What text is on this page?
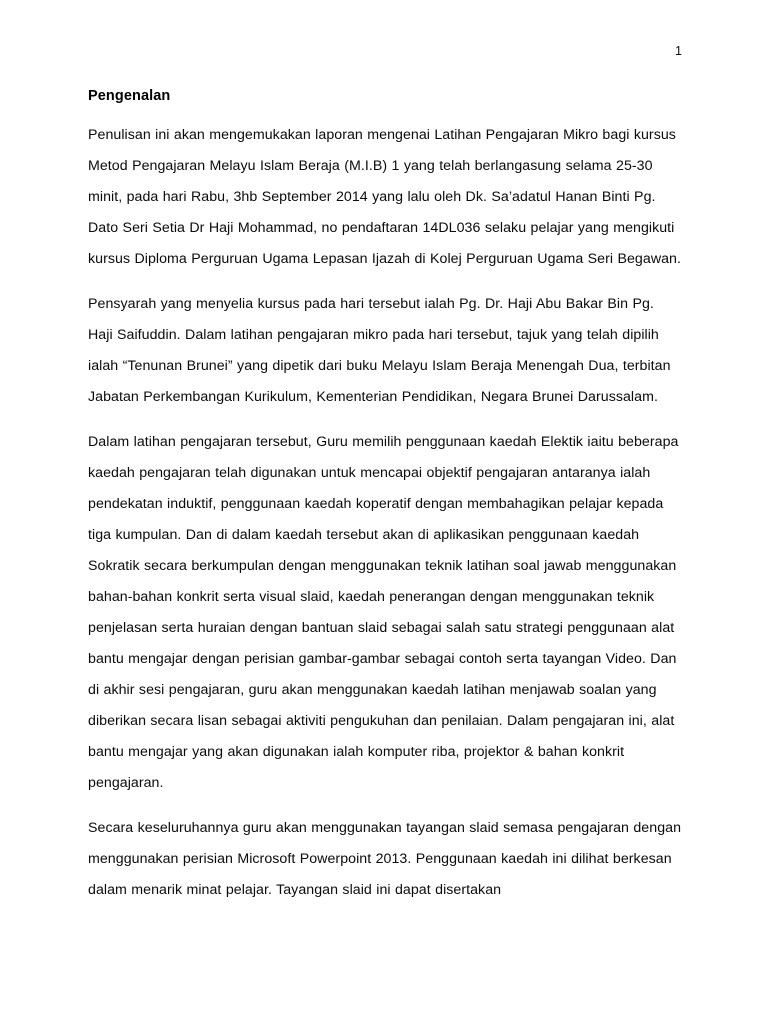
1
Pengenalan

Penulisan ini akan mengemukakan laporan mengenai Latihan Pengajaran Mikro bagi kursus Metod Pengajaran Melayu Islam Beraja (M.I.B) 1 yang telah berlangasung selama 25-30 minit, pada hari Rabu, 3hb September 2014 yang lalu oleh Dk. Sa’adatul Hanan Binti Pg. Dato Seri Setia Dr Haji Mohammad, no pendaftaran 14DL036 selaku pelajar yang mengikuti kursus Diploma Perguruan Ugama Lepasan Ijazah di Kolej Perguruan Ugama Seri Begawan.

Pensyarah yang menyelia kursus pada hari tersebut ialah Pg. Dr. Haji Abu Bakar Bin Pg. Haji Saifuddin. Dalam latihan pengajaran mikro pada hari tersebut, tajuk yang telah dipilih ialah “Tenunan Brunei” yang dipetik dari buku Melayu Islam Beraja Menengah Dua, terbitan Jabatan Perkembangan Kurikulum, Kementerian Pendidikan, Negara Brunei Darussalam.

Dalam latihan pengajaran tersebut, Guru memilih penggunaan kaedah Elektik iaitu beberapa kaedah pengajaran telah digunakan untuk mencapai objektif pengajaran antaranya ialah pendekatan induktif, penggunaan kaedah koperatif dengan membahagikan pelajar kepada tiga kumpulan. Dan di dalam kaedah tersebut akan di aplikasikan penggunaan kaedah Sokratik secara berkumpulan dengan menggunakan teknik latihan soal jawab menggunakan bahan-bahan konkrit serta visual slaid, kaedah penerangan dengan menggunakan teknik penjelasan serta huraian dengan bantuan slaid sebagai salah satu strategi penggunaan alat bantu mengajar dengan perisian gambar-gambar sebagai contoh serta tayangan Video. Dan di akhir sesi pengajaran, guru akan menggunakan kaedah latihan menjawab soalan yang diberikan secara lisan sebagai aktiviti pengukuhan dan penilaian. Dalam pengajaran ini, alat bantu mengajar yang akan digunakan ialah komputer riba, projektor & bahan konkrit pengajaran.

Secara keseluruhannya guru akan menggunakan tayangan slaid semasa pengajaran dengan menggunakan perisian Microsoft Powerpoint 2013. Penggunaan kaedah ini dilihat berkesan dalam menarik minat pelajar. Tayangan slaid ini dapat disertakan
